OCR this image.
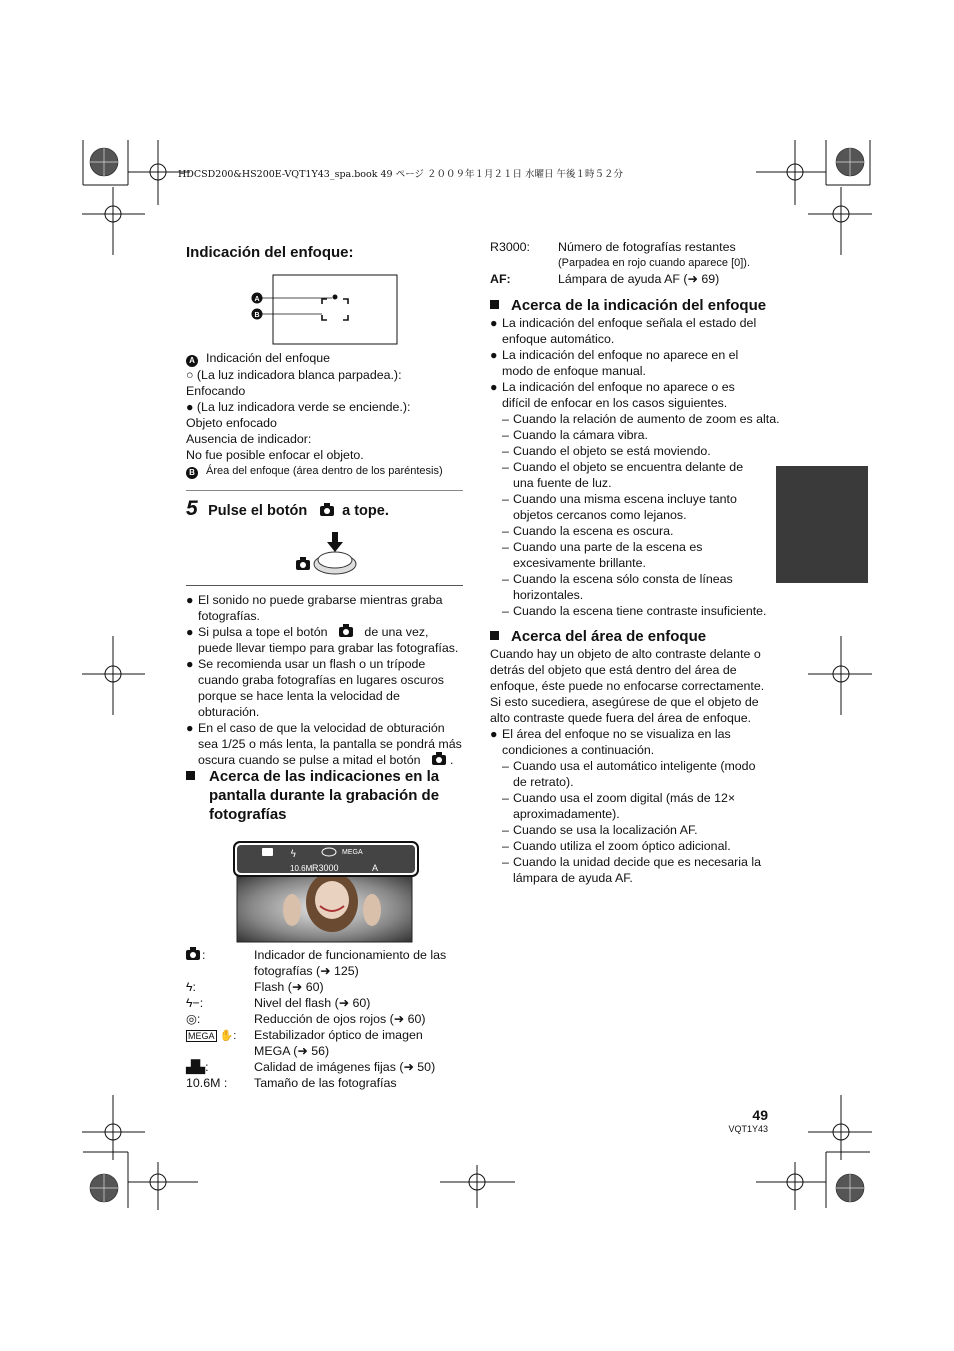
HDCSD200&HS200E-VQT1Y43_spa.book 49 ページ ２００９年１月２１日 水曜日 午後１時５２分
Indicación del enfoque:
A
B
A Indicación del enfoque
○ (La luz indicadora blanca parpadea.):
Enfocando
● (La luz indicadora verde se enciende.):
Objeto enfocado
Ausencia de indicador:
No fue posible enfocar el objeto.
B Área del enfoque (área dentro de los paréntesis)
5 Pulse el botón a tope.
● El sonido no puede grabarse mientras graba
fotografías.
● Si pulsa a tope el botón	de una vez,
puede llevar tiempo para grabar las fotografías.
● Se recomienda usar un flash o un trípode
cuando graba fotografías en lugares oscuros
porque se hace lenta la velocidad de
obturación.
● En el caso de que la velocidad de obturación
sea 1/25 o más lenta, la pantalla se pondrá más
oscura cuando se pulse a mitad el botón .
Acerca de las indicaciones en la
pantalla durante la grabación de
fotografías
MEGA
10.6M R3000	A
ϟ
:	Indicador de funcionamiento de las
fotografías (➜ 125)
ϟ:	Flash (➜ 60)
ϟ−:	Nivel del flash (➜ 60)
◎:	Reducción de ojos rojos (➜ 60)
MEGA ✋:	Estabilizador óptico de imagen
MEGA (➜ 56)
▟▙:	Calidad de imágenes fijas (➜ 50)
10.6M :	Tamaño de las fotografías
R3000:	Número de fotografías restantes
(Parpadea en rojo cuando aparece [0]).
AF:	Lámpara de ayuda AF (➜ 69)
Acerca de la indicación del enfoque
● La indicación del enfoque señala el estado del
enfoque automático.
● La indicación del enfoque no aparece en el
modo de enfoque manual.
● La indicación del enfoque no aparece o es
difícil de enfocar en los casos siguientes.
– Cuando la relación de aumento de zoom es alta.
– Cuando la cámara vibra.
– Cuando el objeto se está moviendo.
– Cuando el objeto se encuentra delante de
una fuente de luz.
– Cuando una misma escena incluye tanto
objetos cercanos como lejanos.
– Cuando la escena es oscura.
– Cuando una parte de la escena es
excesivamente brillante.
– Cuando la escena sólo consta de líneas
horizontales.
– Cuando la escena tiene contraste insuficiente.
Acerca del área de enfoque
Cuando hay un objeto de alto contraste delante o
detrás del objeto que está dentro del área de
enfoque, éste puede no enfocarse correctamente.
Si esto sucediera, asegúrese de que el objeto de
alto contraste quede fuera del área de enfoque.
● El área del enfoque no se visualiza en las
condiciones a continuación.
– Cuando usa el automático inteligente (modo
de retrato).
– Cuando usa el zoom digital (más de 12×
aproximadamente).
– Cuando se usa la localización AF.
– Cuando utiliza el zoom óptico adicional.
– Cuando la unidad decide que es necesaria la
lámpara de ayuda AF.
49
VQT1Y43
